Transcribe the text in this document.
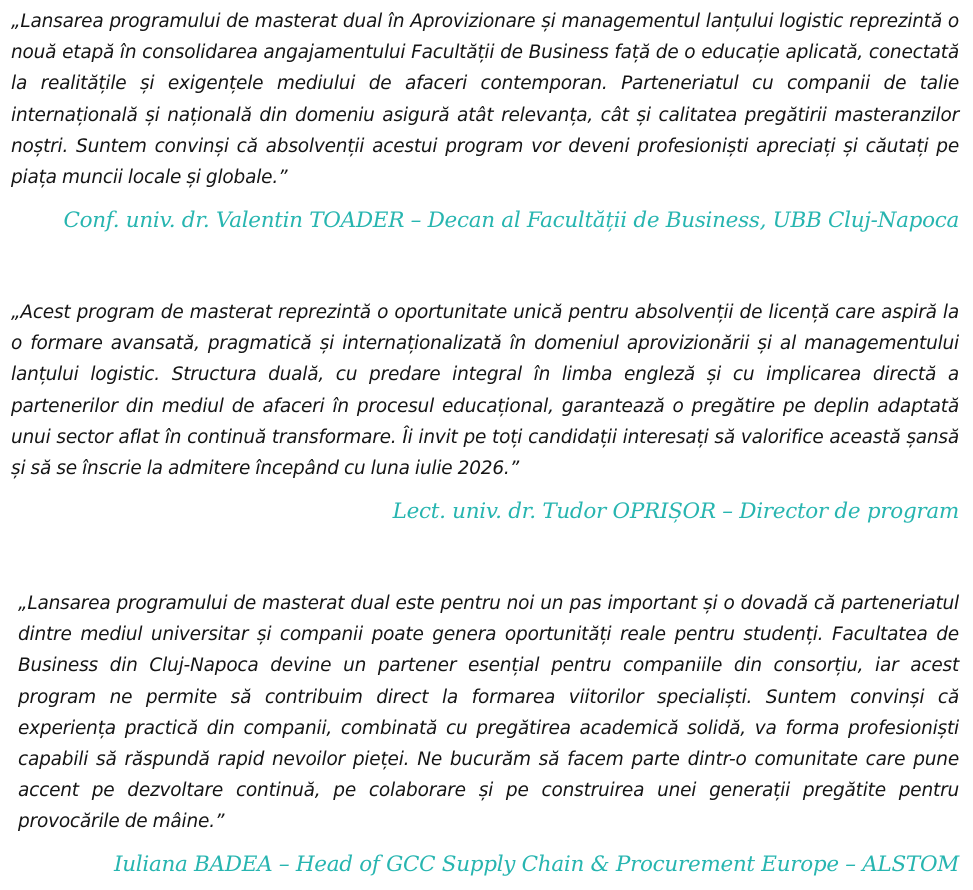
„Lansarea programului de masterat dual în Aprovizionare și managementul lanțului logistic reprezintă o nouă etapă în consolidarea angajamentului Facultății de Business față de o educație aplicată, conectată la realitățile și exigențele mediului de afaceri contemporan. Parteneriatul cu companii de talie internațională și națională din domeniu asigură atât relevanța, cât și calitatea pregătirii masteranzilor noștri. Suntem convinși că absolvenții acestui program vor deveni profesioniști apreciați și căutați pe piața muncii locale și globale.”

Conf. univ. dr. Valentin TOADER – Decan al Facultății de Business, UBB Cluj-Napoca

„Acest program de masterat reprezintă o oportunitate unică pentru absolvenții de licență care aspiră la o formare avansată, pragmatică și internaționalizată în domeniul aprovizionării și al managementului lanțului logistic. Structura duală, cu predare integral în limba engleză și cu implicarea directă a partenerilor din mediul de afaceri în procesul educațional, garantează o pregătire pe deplin adaptată unui sector aflat în continuă transformare. Îi invit pe toți candidații interesați să valorifice această șansă și să se înscrie la admitere începând cu luna iulie 2026.”

Lect. univ. dr. Tudor OPRIȘOR – Director de program

„Lansarea programului de masterat dual este pentru noi un pas important și o dovadă că parteneriatul dintre mediul universitar și companii poate genera oportunități reale pentru studenți. Facultatea de Business din Cluj-Napoca devine un partener esențial pentru companiile din consorțiu, iar acest program ne permite să contribuim direct la formarea viitorilor specialiști. Suntem convinși că experiența practică din companii, combinată cu pregătirea academică solidă, va forma profesioniști capabili să răspundă rapid nevoilor pieței. Ne bucurăm să facem parte dintr-o comunitate care pune accent pe dezvoltare continuă, pe colaborare și pe construirea unei generații pregătite pentru provocările de mâine.”

Iuliana BADEA – Head of GCC Supply Chain & Procurement Europe – ALSTOM
